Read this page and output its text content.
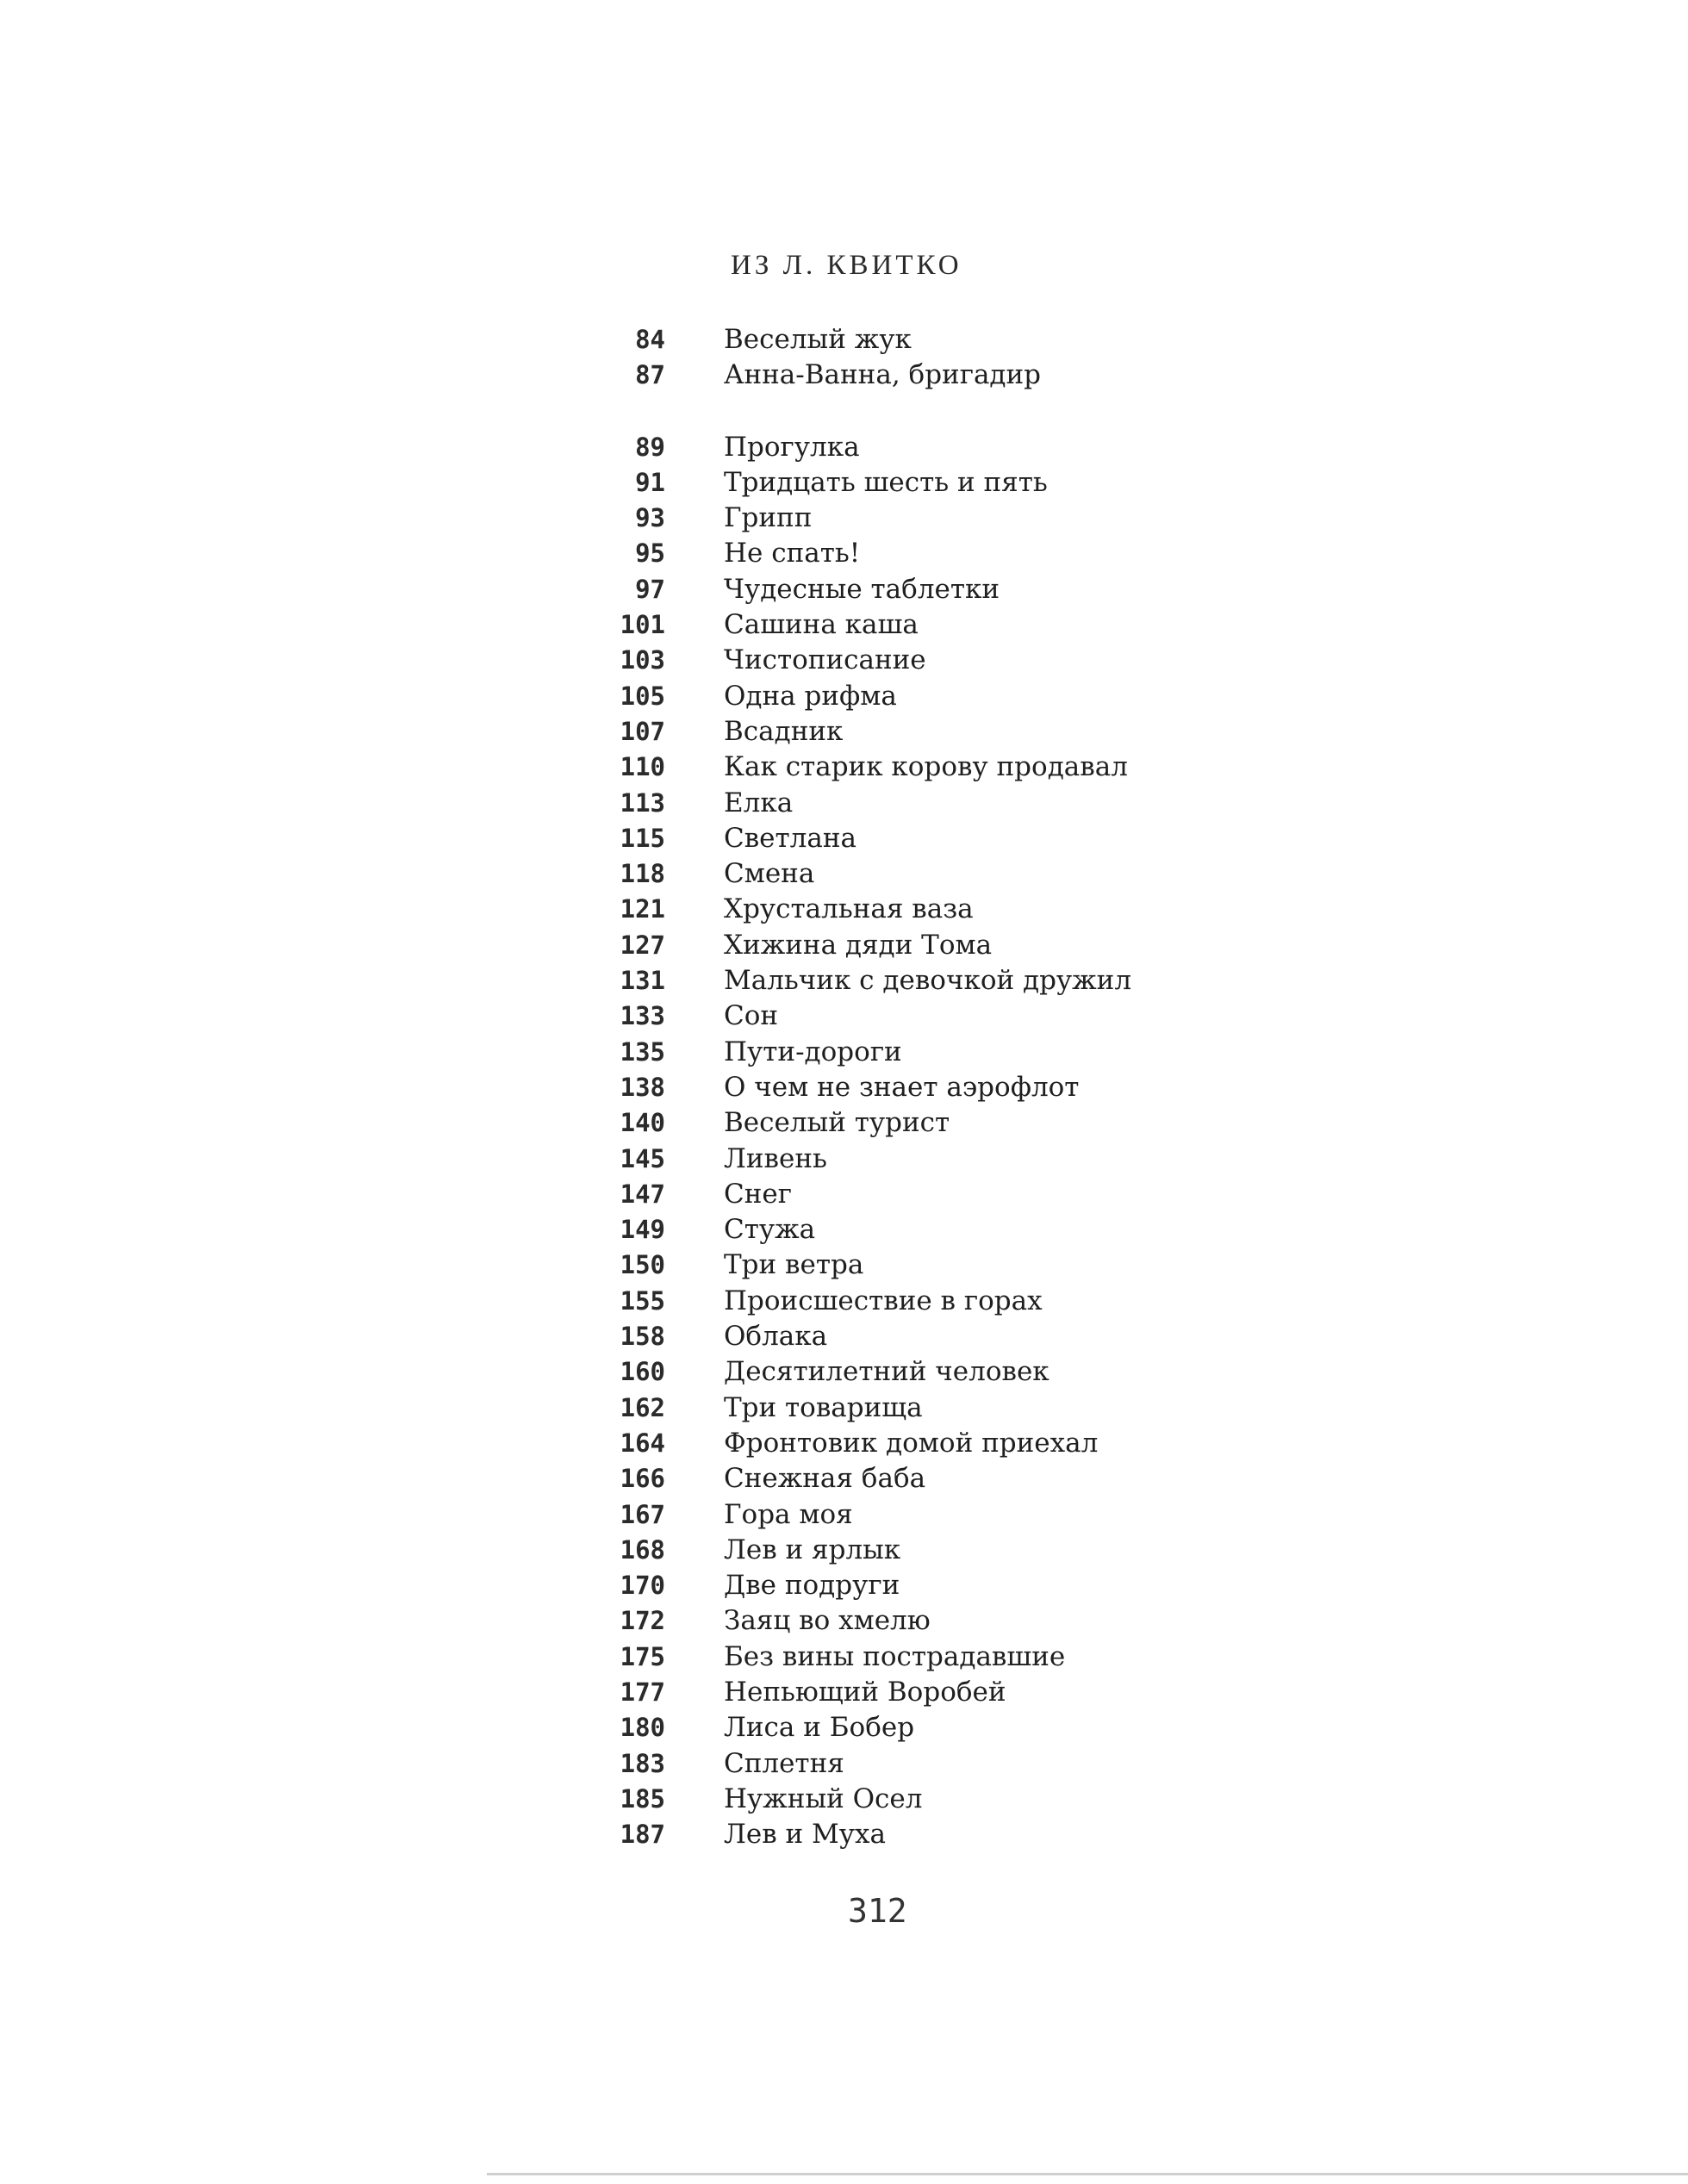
ИЗ Л. КВИТКО
84 Веселый жук
87 Анна-Ванна, бригадир
89 Прогулка
91 Тридцать шесть и пять
93 Грипп
95 Не спать!
97 Чудесные таблетки
101 Сашина каша
103 Чистописание
105 Одна рифма
107 Всадник
110 Как старик корову продавал
113 Елка
115 Светлана
118 Смена
121 Хрустальная ваза
127 Хижина дяди Тома
131 Мальчик с девочкой дружил
133 Сон
135 Пути-дороги
138 О чем не знает аэрофлот
140 Веселый турист
145 Ливень
147 Снег
149 Стужа
150 Три ветра
155 Происшествие в горах
158 Облака
160 Десятилетний человек
162 Три товарища
164 Фронтовик домой приехал
166 Снежная баба
167 Гора моя
168 Лев и ярлык
170 Две подруги
172 Заяц во хмелю
175 Без вины пострадавшие
177 Непьющий Воробей
180 Лиса и Бобер
183 Сплетня
185 Нужный Осел
187 Лев и Муха
312
